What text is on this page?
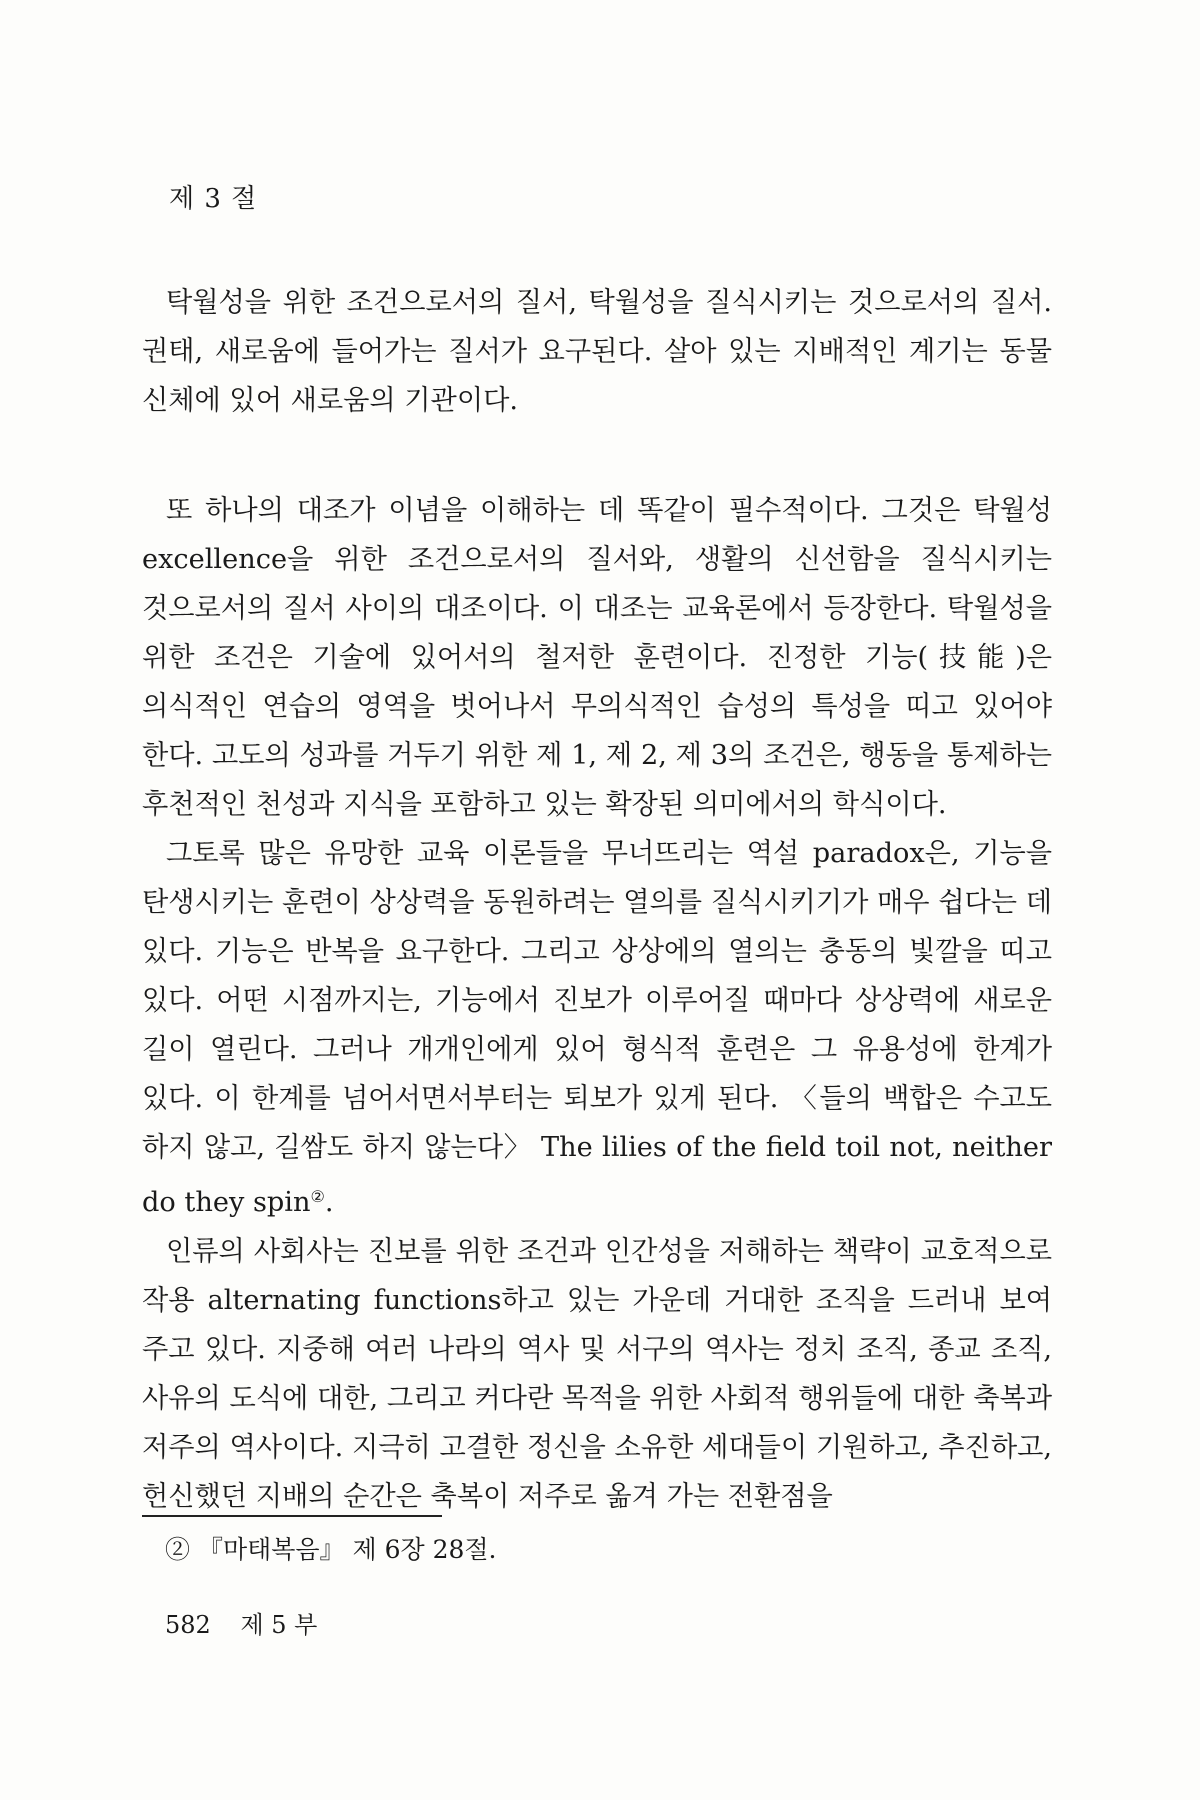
제 3 절

탁월성을 위한 조건으로서의 질서, 탁월성을 질식시키는 것으로서의 질서. 권태, 새로움에 들어가는 질서가 요구된다. 살아 있는 지배적인 계기는 동물 신체에 있어 새로움의 기관이다.

또 하나의 대조가 이념을 이해하는 데 똑같이 필수적이다. 그것은 탁월성 excellence을 위한 조건으로서의 질서와, 생활의 신선함을 질식시키는 것으로서의 질서 사이의 대조이다. 이 대조는 교육론에서 등장한다. 탁월성을 위한 조건은 기술에 있어서의 철저한 훈련이다. 진정한 기능(技能)은 의식적인 연습의 영역을 벗어나서 무의식적인 습성의 특성을 띠고 있어야 한다. 고도의 성과를 거두기 위한 제 1, 제 2, 제 3의 조건은, 행동을 통제하는 후천적인 천성과 지식을 포함하고 있는 확장된 의미에서의 학식이다.

그토록 많은 유망한 교육 이론들을 무너뜨리는 역설 paradox은, 기능을 탄생시키는 훈련이 상상력을 동원하려는 열의를 질식시키기가 매우 쉽다는 데 있다. 기능은 반복을 요구한다. 그리고 상상에의 열의는 충동의 빛깔을 띠고 있다. 어떤 시점까지는, 기능에서 진보가 이루어질 때마다 상상력에 새로운 길이 열린다. 그러나 개개인에게 있어 형식적 훈련은 그 유용성에 한계가 있다. 이 한계를 넘어서면서부터는 퇴보가 있게 된다. 〈들의 백합은 수고도 하지 않고, 길쌈도 하지 않는다〉 The lilies of the field toil not, neither do they spin②.

인류의 사회사는 진보를 위한 조건과 인간성을 저해하는 책략이 교호적으로 작용 alternating functions하고 있는 가운데 거대한 조직을 드러내 보여 주고 있다. 지중해 여러 나라의 역사 및 서구의 역사는 정치 조직, 종교 조직, 사유의 도식에 대한, 그리고 커다란 목적을 위한 사회적 행위들에 대한 축복과 저주의 역사이다. 지극히 고결한 정신을 소유한 세대들이 기원하고, 추진하고, 헌신했던 지배의 순간은 축복이 저주로 옮겨 가는 전환점을

② 『마태복음』 제 6장 28절.

582 제 5 부
